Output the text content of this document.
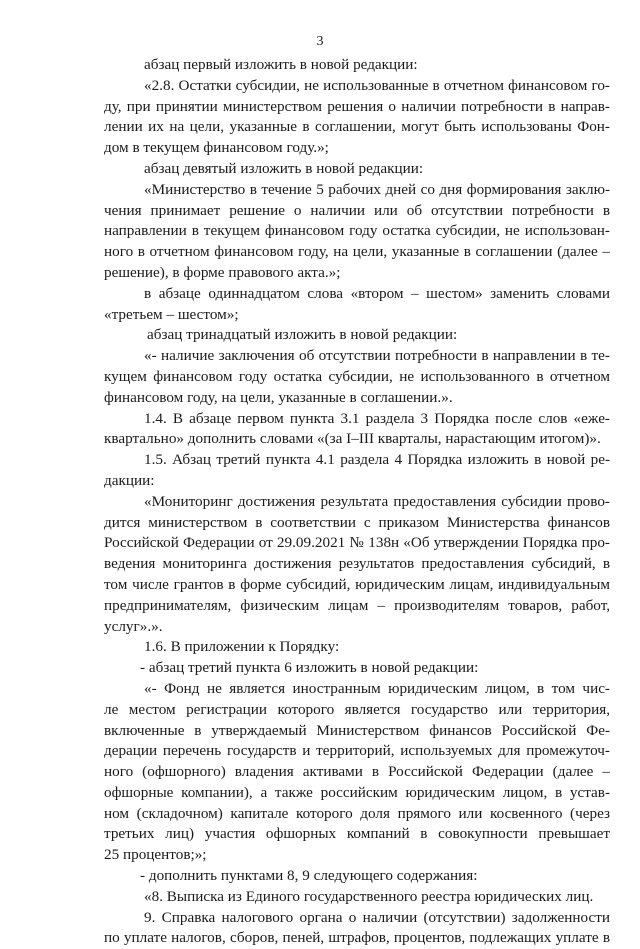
3
абзац первый изложить в новой редакции:
«2.8. Остатки субсидии, не использованные в отчетном финансовом го-
ду, при принятии министерством решения о наличии потребности в направ-
лении их на цели, указанные в соглашении, могут быть использованы Фон-
дом в текущем финансовом году.»;
абзац девятый изложить в новой редакции:
«Министерство в течение 5 рабочих дней со дня формирования заклю-
чения принимает решение о наличии или об отсутствии потребности в
направлении в текущем финансовом году остатка субсидии, не использован-
ного в отчетном финансовом году, на цели, указанные в соглашении (далее –
решение), в форме правового акта.»;
в абзаце одиннадцатом слова «втором – шестом» заменить словами
«третьем – шестом»;
абзац тринадцатый изложить в новой редакции:
«- наличие заключения об отсутствии потребности в направлении в те-
кущем финансовом году остатка субсидии, не использованного в отчетном
финансовом году, на цели, указанные в соглашении.».
1.4. В абзаце первом пункта 3.1 раздела 3 Порядка после слов «еже-
квартально» дополнить словами «(за I–III кварталы, нарастающим итогом)».
1.5. Абзац третий пункта 4.1 раздела 4 Порядка изложить в новой ре-
дакции:
«Мониторинг достижения результата предоставления субсидии прово-
дится министерством в соответствии с приказом Министерства финансов
Российской Федерации от 29.09.2021 № 138н «Об утверждении Порядка про-
ведения мониторинга достижения результатов предоставления субсидий, в
том числе грантов в форме субсидий, юридическим лицам, индивидуальным
предпринимателям, физическим лицам – производителям товаров, работ,
услуг».».
1.6. В приложении к Порядку:
- абзац третий пункта 6 изложить в новой редакции:
«- Фонд не является иностранным юридическим лицом, в том чис-
ле местом регистрации которого является государство или территория,
включенные в утверждаемый Министерством финансов Российской Фе-
дерации перечень государств и территорий, используемых для промежуточ-
ного (офшорного) владения активами в Российской Федерации (далее –
офшорные компании), а также российским юридическим лицом, в устав-
ном (складочном) капитале которого доля прямого или косвенного (через
третьих лиц) участия офшорных компаний в совокупности превышает
25 процентов;»;
- дополнить пунктами 8, 9 следующего содержания:
«8. Выписка из Единого государственного реестра юридических лиц.
9. Справка налогового органа о наличии (отсутствии) задолженности
по уплате налогов, сборов, пеней, штрафов, процентов, подлежащих уплате в
